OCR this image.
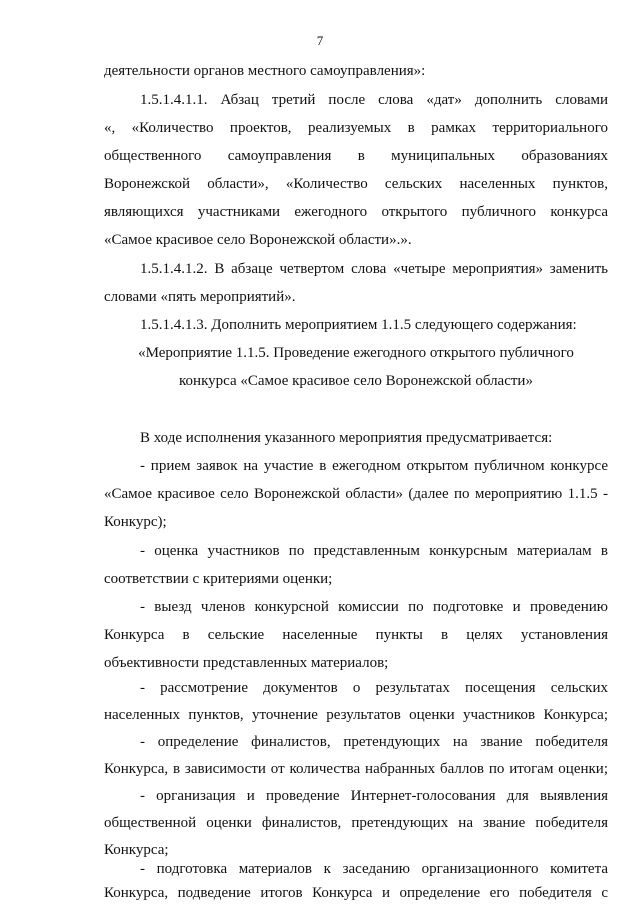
7
деятельности органов местного самоуправления»:
1.5.1.4.1.1. Абзац третий после слова «дат» дополнить словами
«, «Количество проектов, реализуемых в рамках территориального
общественного самоуправления в муниципальных образованиях
Воронежской области», «Количество сельских населенных пунктов,
являющихся участниками ежегодного открытого публичного конкурса
«Самое красивое село Воронежской области».».
1.5.1.4.1.2. В абзаце четвертом слова «четыре мероприятия» заменить
словами «пять мероприятий».
1.5.1.4.1.3. Дополнить мероприятием 1.1.5 следующего содержания:
«Мероприятие 1.1.5. Проведение ежегодного открытого публичного
конкурса «Самое красивое село Воронежской области»
В ходе исполнения указанного мероприятия предусматривается:
- прием заявок на участие в ежегодном открытом публичном конкурсе
«Самое красивое село Воронежской области» (далее по мероприятию 1.1.5 -
Конкурс);
- оценка участников по представленным конкурсным материалам в
соответствии с критериями оценки;
- выезд членов конкурсной комиссии по подготовке и проведению
Конкурса в сельские населенные пункты в целях установления
объективности представленных материалов;
- рассмотрение документов о результатах посещения сельских
населенных пунктов, уточнение результатов оценки участников Конкурса;
- определение финалистов, претендующих на звание победителя
Конкурса, в зависимости от количества набранных баллов по итогам оценки;
- организация и проведение Интернет-голосования для выявления
общественной оценки финалистов, претендующих на звание победителя
Конкурса;
- подготовка материалов к заседанию организационного комитета
Конкурса, подведение итогов Конкурса и определение его победителя с
